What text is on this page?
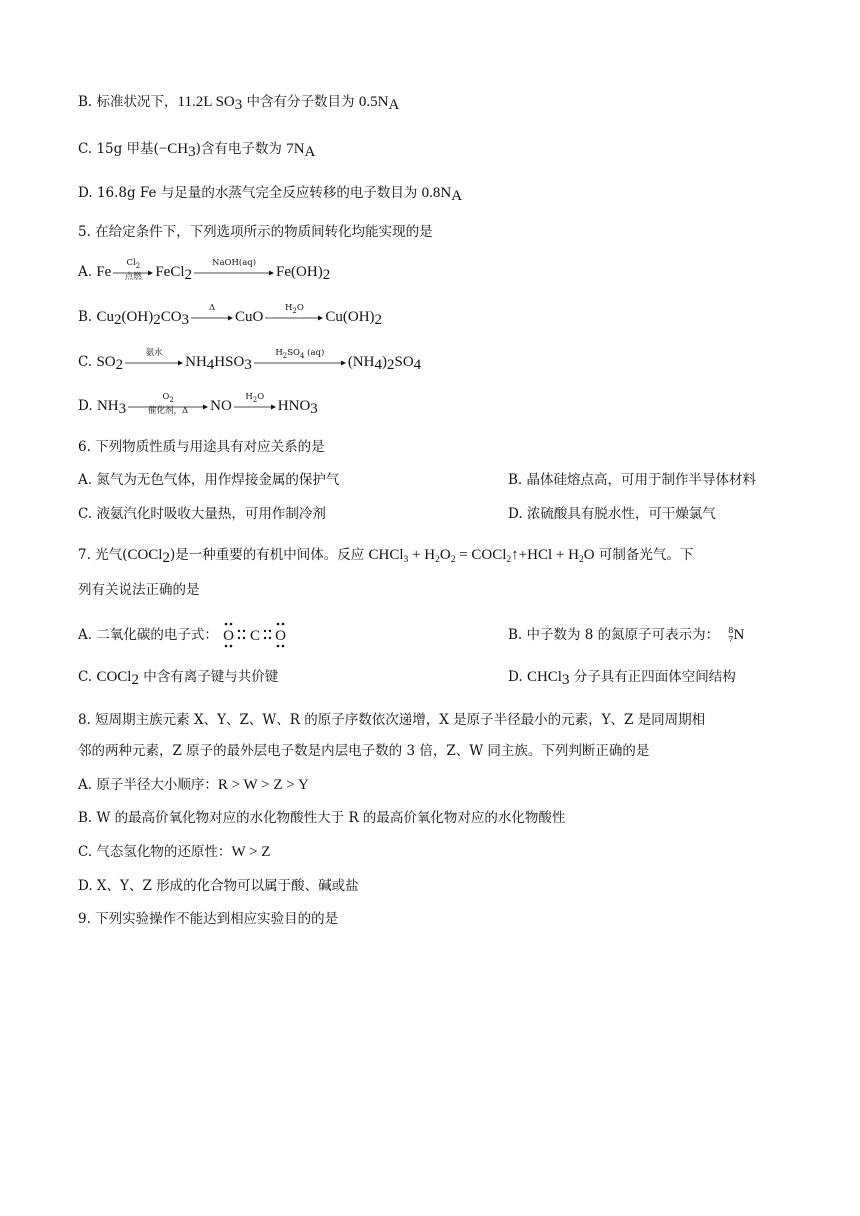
B. 标准状况下，11.2L $SO_3$ 中含有分子数目为 $0.5N_A$
C. 15g 甲基$(-CH_3)$含有电子数为 $7N_A$
D. 16.8g Fe 与足量的水蒸气完全反应转移的电子数目为 $0.8N_A$
5. 在给定条件下，下列选项所示的物质间转化均能实现的是
A. Fe
$Cl_2$
点燃 FeCl$_2$
NaOH(aq)
$Fe(OH)_2$
B. $Cu_2(OH)_2CO_3$
Δ
CuO
$H_2O$
$Cu(OH)_2$
C. $SO_2$
氨水
$NH_4HSO_3$
$H_2SO_4$ (aq)
$(NH_4)_2SO_4$
D. $NH_3$
$O_2$
催化剂，Δ	NO
$H_2O$
$HNO_3$
6. 下列物质性质与用途具有对应关系的是
A. 氮气为无色气体，用作焊接金属的保护气	B. 晶体硅熔点高，可用于制作半导体材料
C. 液氨汽化时吸收大量热，可用作制冷剂	D. 浓硫酸具有脱水性，可干燥氯气
7. 光气(COCl$_2$)是一种重要的有机中间体。反应 CHCl$_3$ + $H_2O_2$ = COCl$_2$↑+HCl + $H_2O$ 可制备光气。下
列有关说法正确的是
A. 二氧化碳的电子式： O C O	B. 中子数为 8 的氮原子可表示为： 8
7 N
C. COCl$_2$ 中含有离子键与共价键	D. CHCl$_3$ 分子具有正四面体空间结构
8. 短周期主族元素 X、Y、Z、W、R 的原子序数依次递增，X 是原子半径最小的元素，Y、Z 是同周期相
邻的两种元素，Z 原子的最外层电子数是内层电子数的 3 倍，Z、W 同主族。下列判断正确的是
A. 原子半径大小顺序：R > W > Z > Y
B. W 的最高价氧化物对应的水化物酸性大于 R 的最高价氧化物对应的水化物酸性
C. 气态氢化物的还原性：W > Z
D. X、Y、Z 形成的化合物可以属于酸、碱或盐
9. 下列实验操作不能达到相应实验目的的是
